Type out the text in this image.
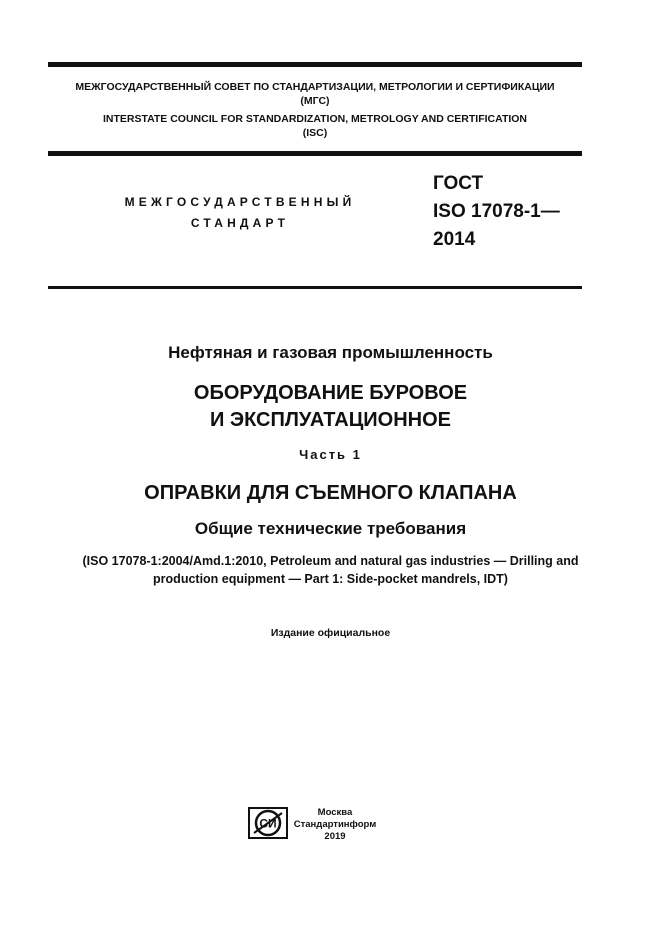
МЕЖГОСУДАРСТВЕННЫЙ СОВЕТ ПО СТАНДАРТИЗАЦИИ, МЕТРОЛОГИИ И СЕРТИФИКАЦИИ
(МГС)
INTERSTATE COUNCIL FOR STANDARDIZATION, METROLOGY AND CERTIFICATION
(ISC)
МЕЖГОСУДАРСТВЕННЫЙ
СТАНДАРТ
ГОСТ
ISO 17078-1—
2014
Нефтяная и газовая промышленность
ОБОРУДОВАНИЕ БУРОВОЕ
И ЭКСПЛУАТАЦИОННОЕ
Часть 1
ОПРАВКИ ДЛЯ СЪЕМНОГО КЛАПАНА
Общие технические требования
(ISO 17078-1:2004/Amd.1:2010, Petroleum and natural gas industries — Drilling and
production equipment — Part 1: Side-pocket mandrels, IDT)
Издание официальное
СИ
Москва
Стандартинформ
2019
